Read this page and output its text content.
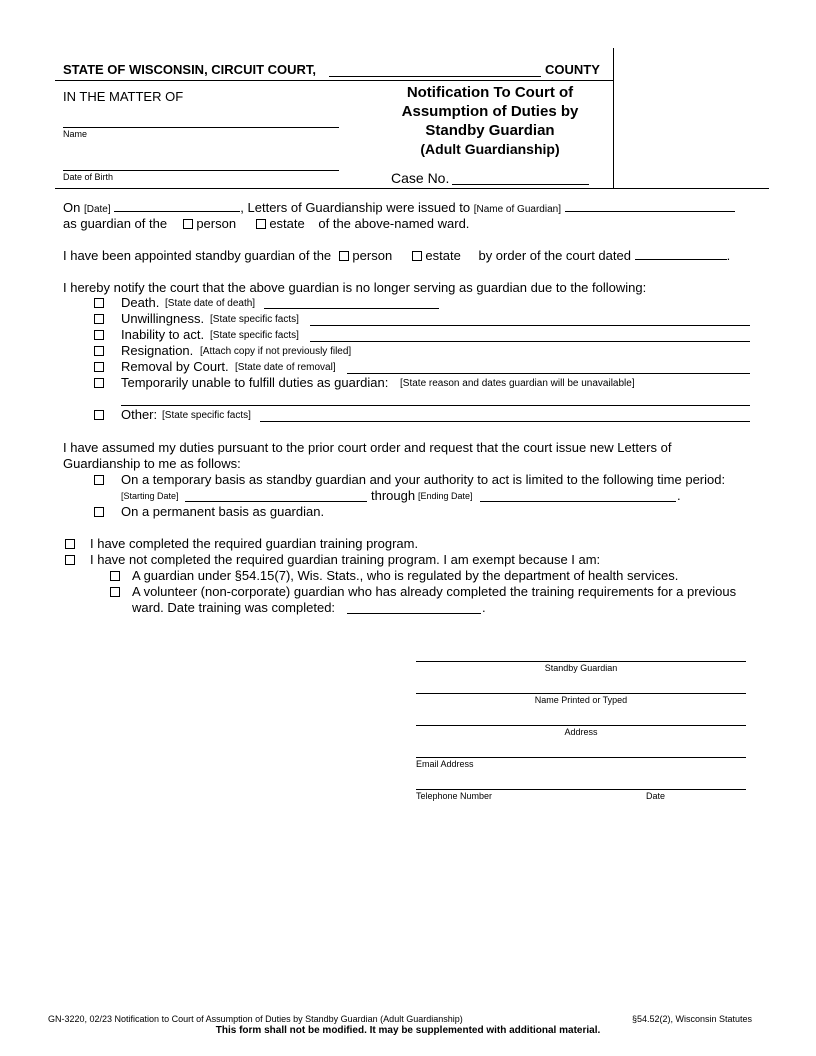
STATE OF WISCONSIN, CIRCUIT COURT,	COUNTY
IN THE MATTER OF
Name
Date of Birth
Notification To Court of
Assumption of Duties by
Standby Guardian
(Adult Guardianship)
Case No.
On [Date]	, Letters of Guardianship were issued to [Name of Guardian]
as guardian of the person	estate of the above-named ward.
I have been appointed standby guardian of the person	estate by order of the court dated	.
I hereby notify the court that the above guardian is no longer serving as guardian due to the following:
Death. [State date of death]
Unwillingness. [State specific facts]
Inability to act. [State specific facts]
Resignation. [Attach copy if not previously filed]
Removal by Court. [State date of removal]
Temporarily unable to fulfill duties as guardian: [State reason and dates guardian will be unavailable]
Other: [State specific facts]
I have assumed my duties pursuant to the prior court order and request that the court issue new Letters of
Guardianship to me as follows:
On a temporary basis as standby guardian and your authority to act is limited to the following time period:
[Starting Date]	through [Ending Date]	.
On a permanent basis as guardian.
I have completed the required guardian training program.
I have not completed the required guardian training program. I am exempt because I am:
A guardian under §54.15(7), Wis. Stats., who is regulated by the department of health services.
A volunteer (non-corporate) guardian who has already completed the training requirements for a previous
ward. Date training was completed:	.
Standby Guardian
Name Printed or Typed
Address
Email Address
Telephone Number	Date
GN-3220, 02/23 Notification to Court of Assumption of Duties by Standby Guardian (Adult Guardianship)	§54.52(2), Wisconsin Statutes
This form shall not be modified. It may be supplemented with additional material.
